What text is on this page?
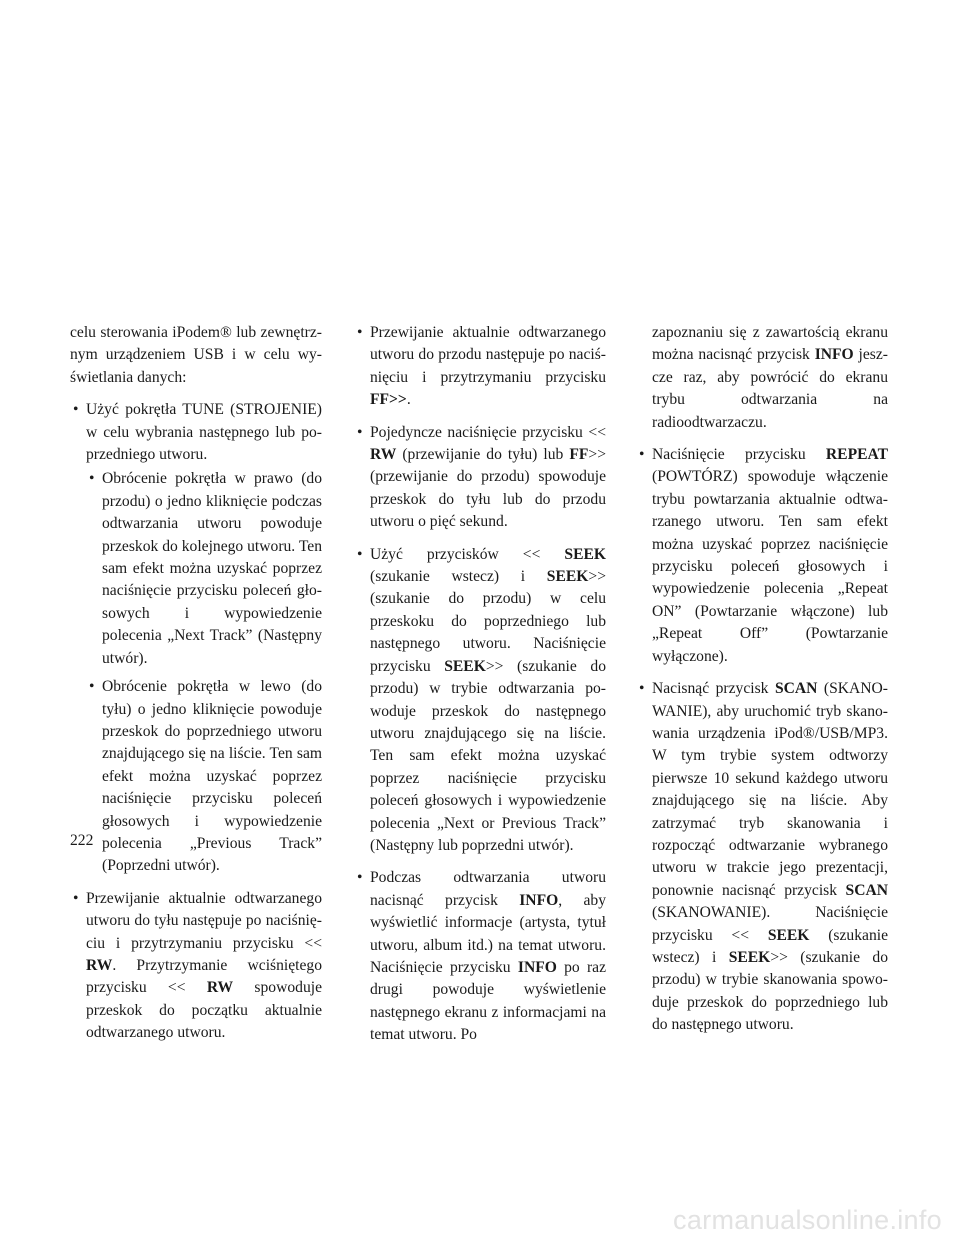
celu sterowania iPodem® lub zewnętrznym urządzeniem USB i w celu wyświetlania danych:

• Użyć pokrętła TUNE (STROJENIE) w celu wybrania następnego lub poprzedniego utworu.
• Obrócenie pokrętła w prawo (do przodu) o jedno kliknięcie podczas odtwarzania utworu powoduje przeskok do kolejnego utworu. Ten sam efekt można uzyskać poprzez naciśnięcie przycisku poleceń głosowych i wypowiedzenie polecenia „Next Track” (Następny utwór).
• Obrócenie pokrętła w lewo (do tyłu) o jedno kliknięcie powoduje przeskok do poprzedniego utworu znajdującego się na liście. Ten sam efekt można uzyskać poprzez naciśnięcie przycisku poleceń głosowych i wypowiedzenie polecenia „Previous Track” (Poprzedni utwór).
• Przewijanie aktualnie odtwarzanego utworu do tyłu następuje po naciśnięciu i przytrzymaniu przycisku << RW. Przytrzymanie wciśniętego przycisku << RW spowoduje przeskok do początku aktualnie odtwarzanego utworu.
• Przewijanie aktualnie odtwarzanego utworu do przodu następuje po naciśnięciu i przytrzymaniu przycisku FF>>.
• Pojedyncze naciśnięcie przycisku << RW (przewijanie do tyłu) lub FF>> (przewijanie do przodu) spowoduje przeskok do tyłu lub do przodu utworu o pięć sekund.
• Użyć przycisków << SEEK (szukanie wstecz) i SEEK>> (szukanie do przodu) w celu przeskoku do poprzedniego lub następnego utworu. Naciśnięcie przycisku SEEK>> (szukanie do przodu) w trybie odtwarzania powoduje przeskok do następnego utworu znajdującego się na liście. Ten sam efekt można uzyskać poprzez naciśnięcie przycisku poleceń głosowych i wypowiedzenie polecenia „Next or Previous Track” (Następny lub poprzedni utwór).
• Podczas odtwarzania utworu nacisnąć przycisk INFO, aby wyświetlić informacje (artysta, tytuł utworu, album itd.) na temat utworu. Naciśnięcie przycisku INFO po raz drugi powoduje wyświetlenie następnego ekranu z informacjami na temat utworu. Po

zapoznaniu się z zawartością ekranu można nacisnąć przycisk INFO jeszcze raz, aby powrócić do ekranu trybu odtwarzania na radioodtwarzaczu.

• Naciśnięcie przycisku REPEAT (POWTÓRZ) spowoduje włączenie trybu powtarzania aktualnie odtwarzanego utworu. Ten sam efekt można uzyskać poprzez naciśnięcie przycisku poleceń głosowych i wypowiedzenie polecenia „Repeat ON” (Powtarzanie włączone) lub „Repeat Off” (Powtarzanie wyłączone).
• Nacisnąć przycisk SCAN (SKANOWANIE), aby uruchomić tryb skanowania urządzenia iPod®/USB/MP3. W tym trybie system odtworzy pierwsze 10 sekund każdego utworu znajdującego się na liście. Aby zatrzymać tryb skanowania i rozpocząć odtwarzanie wybranego utworu w trakcie jego prezentacji, ponownie nacisnąć przycisk SCAN (SKANOWANIE). Naciśnięcie przycisku << SEEK (szukanie wstecz) i SEEK>> (szukanie do przodu) w trybie skanowania spowoduje przeskok do poprzedniego lub do następnego utworu.
222
carmanualsonline.info
